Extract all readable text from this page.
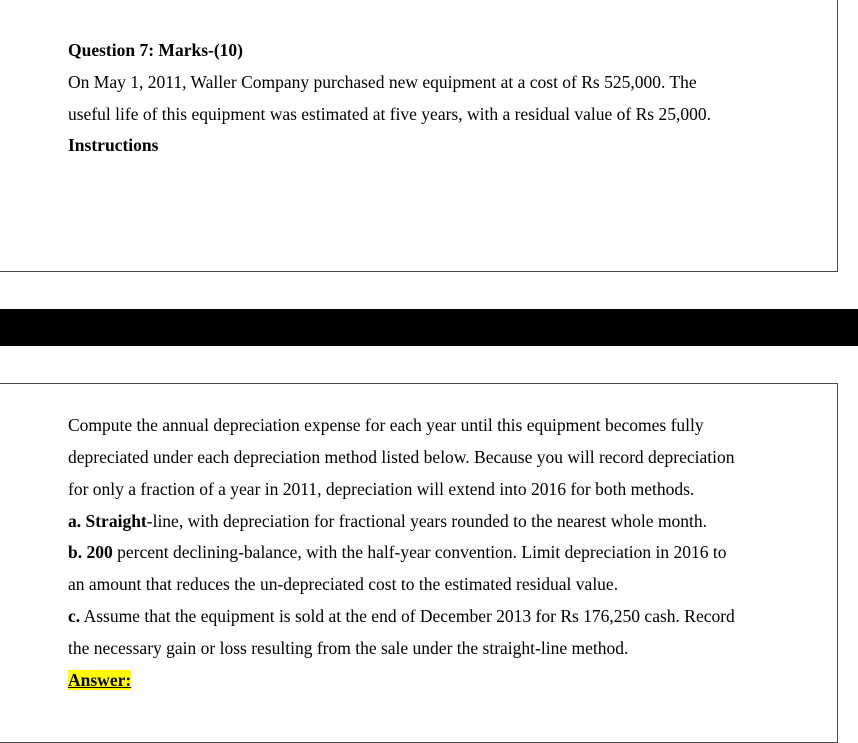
Question 7: Marks-(10)
On May 1, 2011, Waller Company purchased new equipment at a cost of Rs 525,000. The
useful life of this equipment was estimated at five years, with a residual value of Rs 25,000.
Instructions
Compute the annual depreciation expense for each year until this equipment becomes fully
depreciated under each depreciation method listed below. Because you will record depreciation
for only a fraction of a year in 2011, depreciation will extend into 2016 for both methods.
a. Straight-line, with depreciation for fractional years rounded to the nearest whole month.
b. 200 percent declining-balance, with the half-year convention. Limit depreciation in 2016 to
an amount that reduces the un-depreciated cost to the estimated residual value.
c. Assume that the equipment is sold at the end of December 2013 for Rs 176,250 cash. Record
the necessary gain or loss resulting from the sale under the straight-line method.
Answer:
